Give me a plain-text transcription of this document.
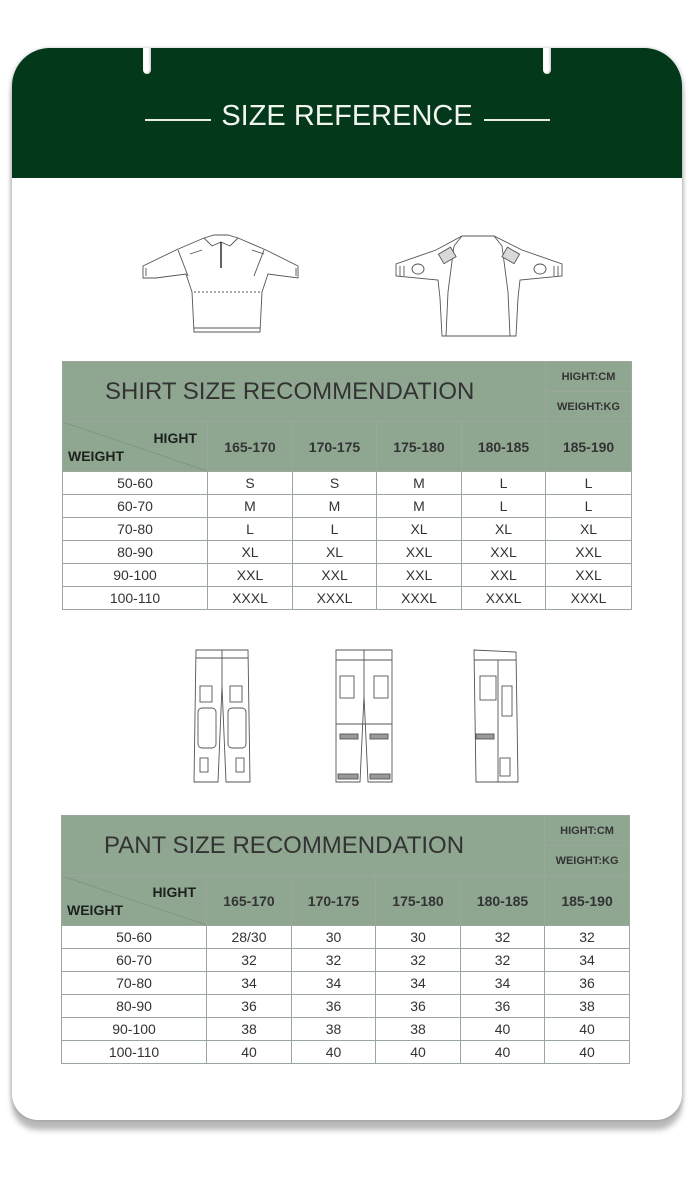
SIZE REFERENCE
SHIRT SIZE RECOMMENDATION					HIGHT:CM
					WEIGHT:KG

HIGHT
WEIGHT	165-170	170-175	175-180	180-185	185-190
50-60	S	S	M	L	L
60-70	M	M	M	L	L
70-80	L	L	XL	XL	XL
80-90	XL	XL	XXL	XXL	XXL
90-100	XXL	XXL	XXL	XXL	XXL
100-110	XXXL	XXXL	XXXL	XXXL	XXXL
PANT SIZE RECOMMENDATION					HIGHT:CM
					WEIGHT:KG

HIGHT
WEIGHT	165-170	170-175	175-180	180-185	185-190
50-60	28/30	30	30	32	32
60-70	32	32	32	32	34
70-80	34	34	34	34	36
80-90	36	36	36	36	38
90-100	38	38	38	40	40
100-110	40	40	40	40	40
